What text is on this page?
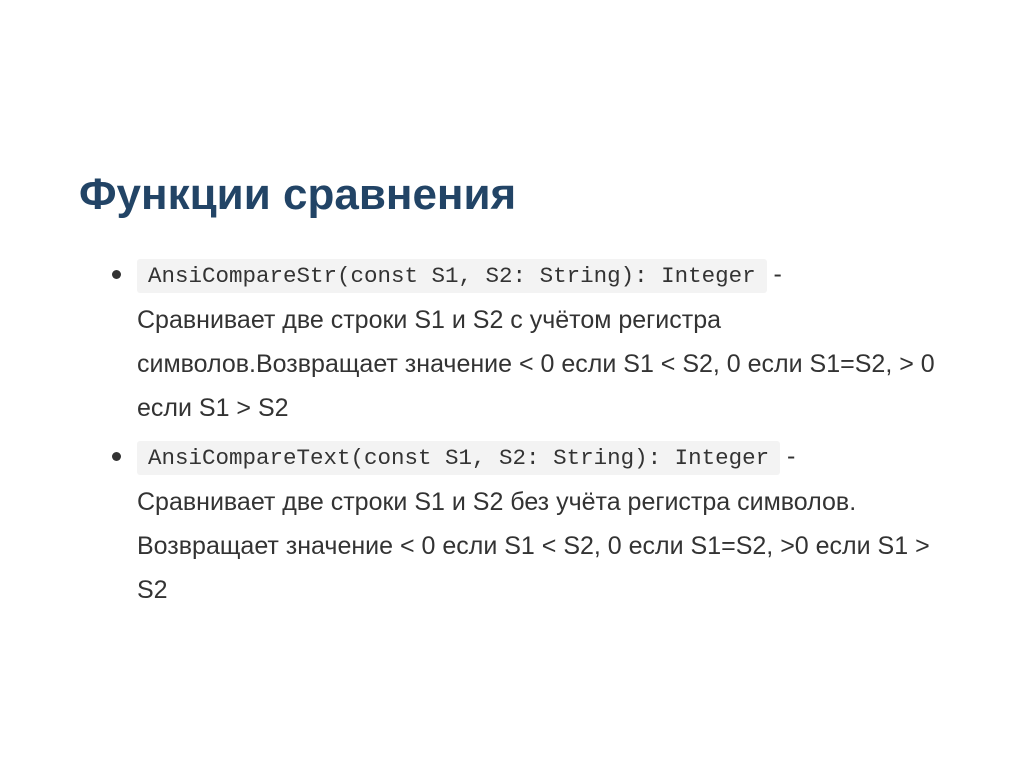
Функции сравнения
AnsiCompareStr(const S1, S2: String): Integer -
Сравнивает две строки S1 и S2 с учётом регистра символов.Возвращает значение < 0 если S1 < S2, 0 если S1=S2, > 0 если S1 > S2
AnsiCompareText(const S1, S2: String): Integer -
Сравнивает две строки S1 и S2 без учёта регистра символов. Возвращает значение < 0 если S1 < S2, 0 если S1=S2, >0 если S1 > S2
